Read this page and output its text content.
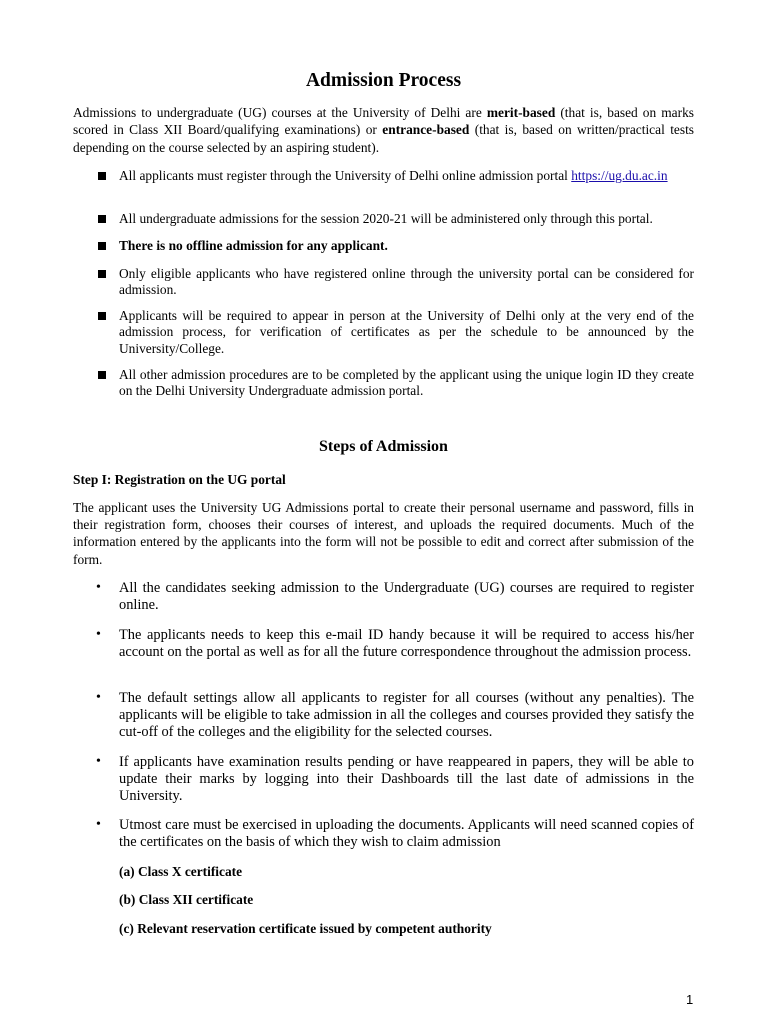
Admission Process

Admissions to undergraduate (UG) courses at the University of Delhi are merit-based (that is, based on marks scored in Class XII Board/qualifying examinations) or entrance-based (that is, based on written/practical tests depending on the course selected by an aspiring student).

All applicants must register through the University of Delhi online admission portal https://ug.du.ac.in
All undergraduate admissions for the session 2020-21 will be administered only through this portal.
There is no offline admission for any applicant.
Only eligible applicants who have registered online through the university portal can be considered for admission.
Applicants will be required to appear in person at the University of Delhi only at the very end of the admission process, for verification of certificates as per the schedule to be announced by the University/College.
All other admission procedures are to be completed by the applicant using the unique login ID they create on the Delhi University Undergraduate admission portal.
Steps of Admission
Step I: Registration on the UG portal

The applicant uses the University UG Admissions portal to create their personal username and password, fills in their registration form, chooses their courses of interest, and uploads the required documents. Much of the information entered by the applicants into the form will not be possible to edit and correct after submission of the form.

• All the candidates seeking admission to the Undergraduate (UG) courses are required to register online.
• The applicants needs to keep this e-mail ID handy because it will be required to access his/her account on the portal as well as for all the future correspondence throughout the admission process.
• The default settings allow all applicants to register for all courses (without any penalties). The applicants will be eligible to take admission in all the colleges and courses provided they satisfy the cut-off of the colleges and the eligibility for the selected courses.
• If applicants have examination results pending or have reappeared in papers, they will be able to update their marks by logging into their Dashboards till the last date of admissions in the University.
• Utmost care must be exercised in uploading the documents. Applicants will need scanned copies of the certificates on the basis of which they wish to claim admission
(a) Class X certificate
(b) Class XII certificate
(c) Relevant reservation certificate issued by competent authority
1
